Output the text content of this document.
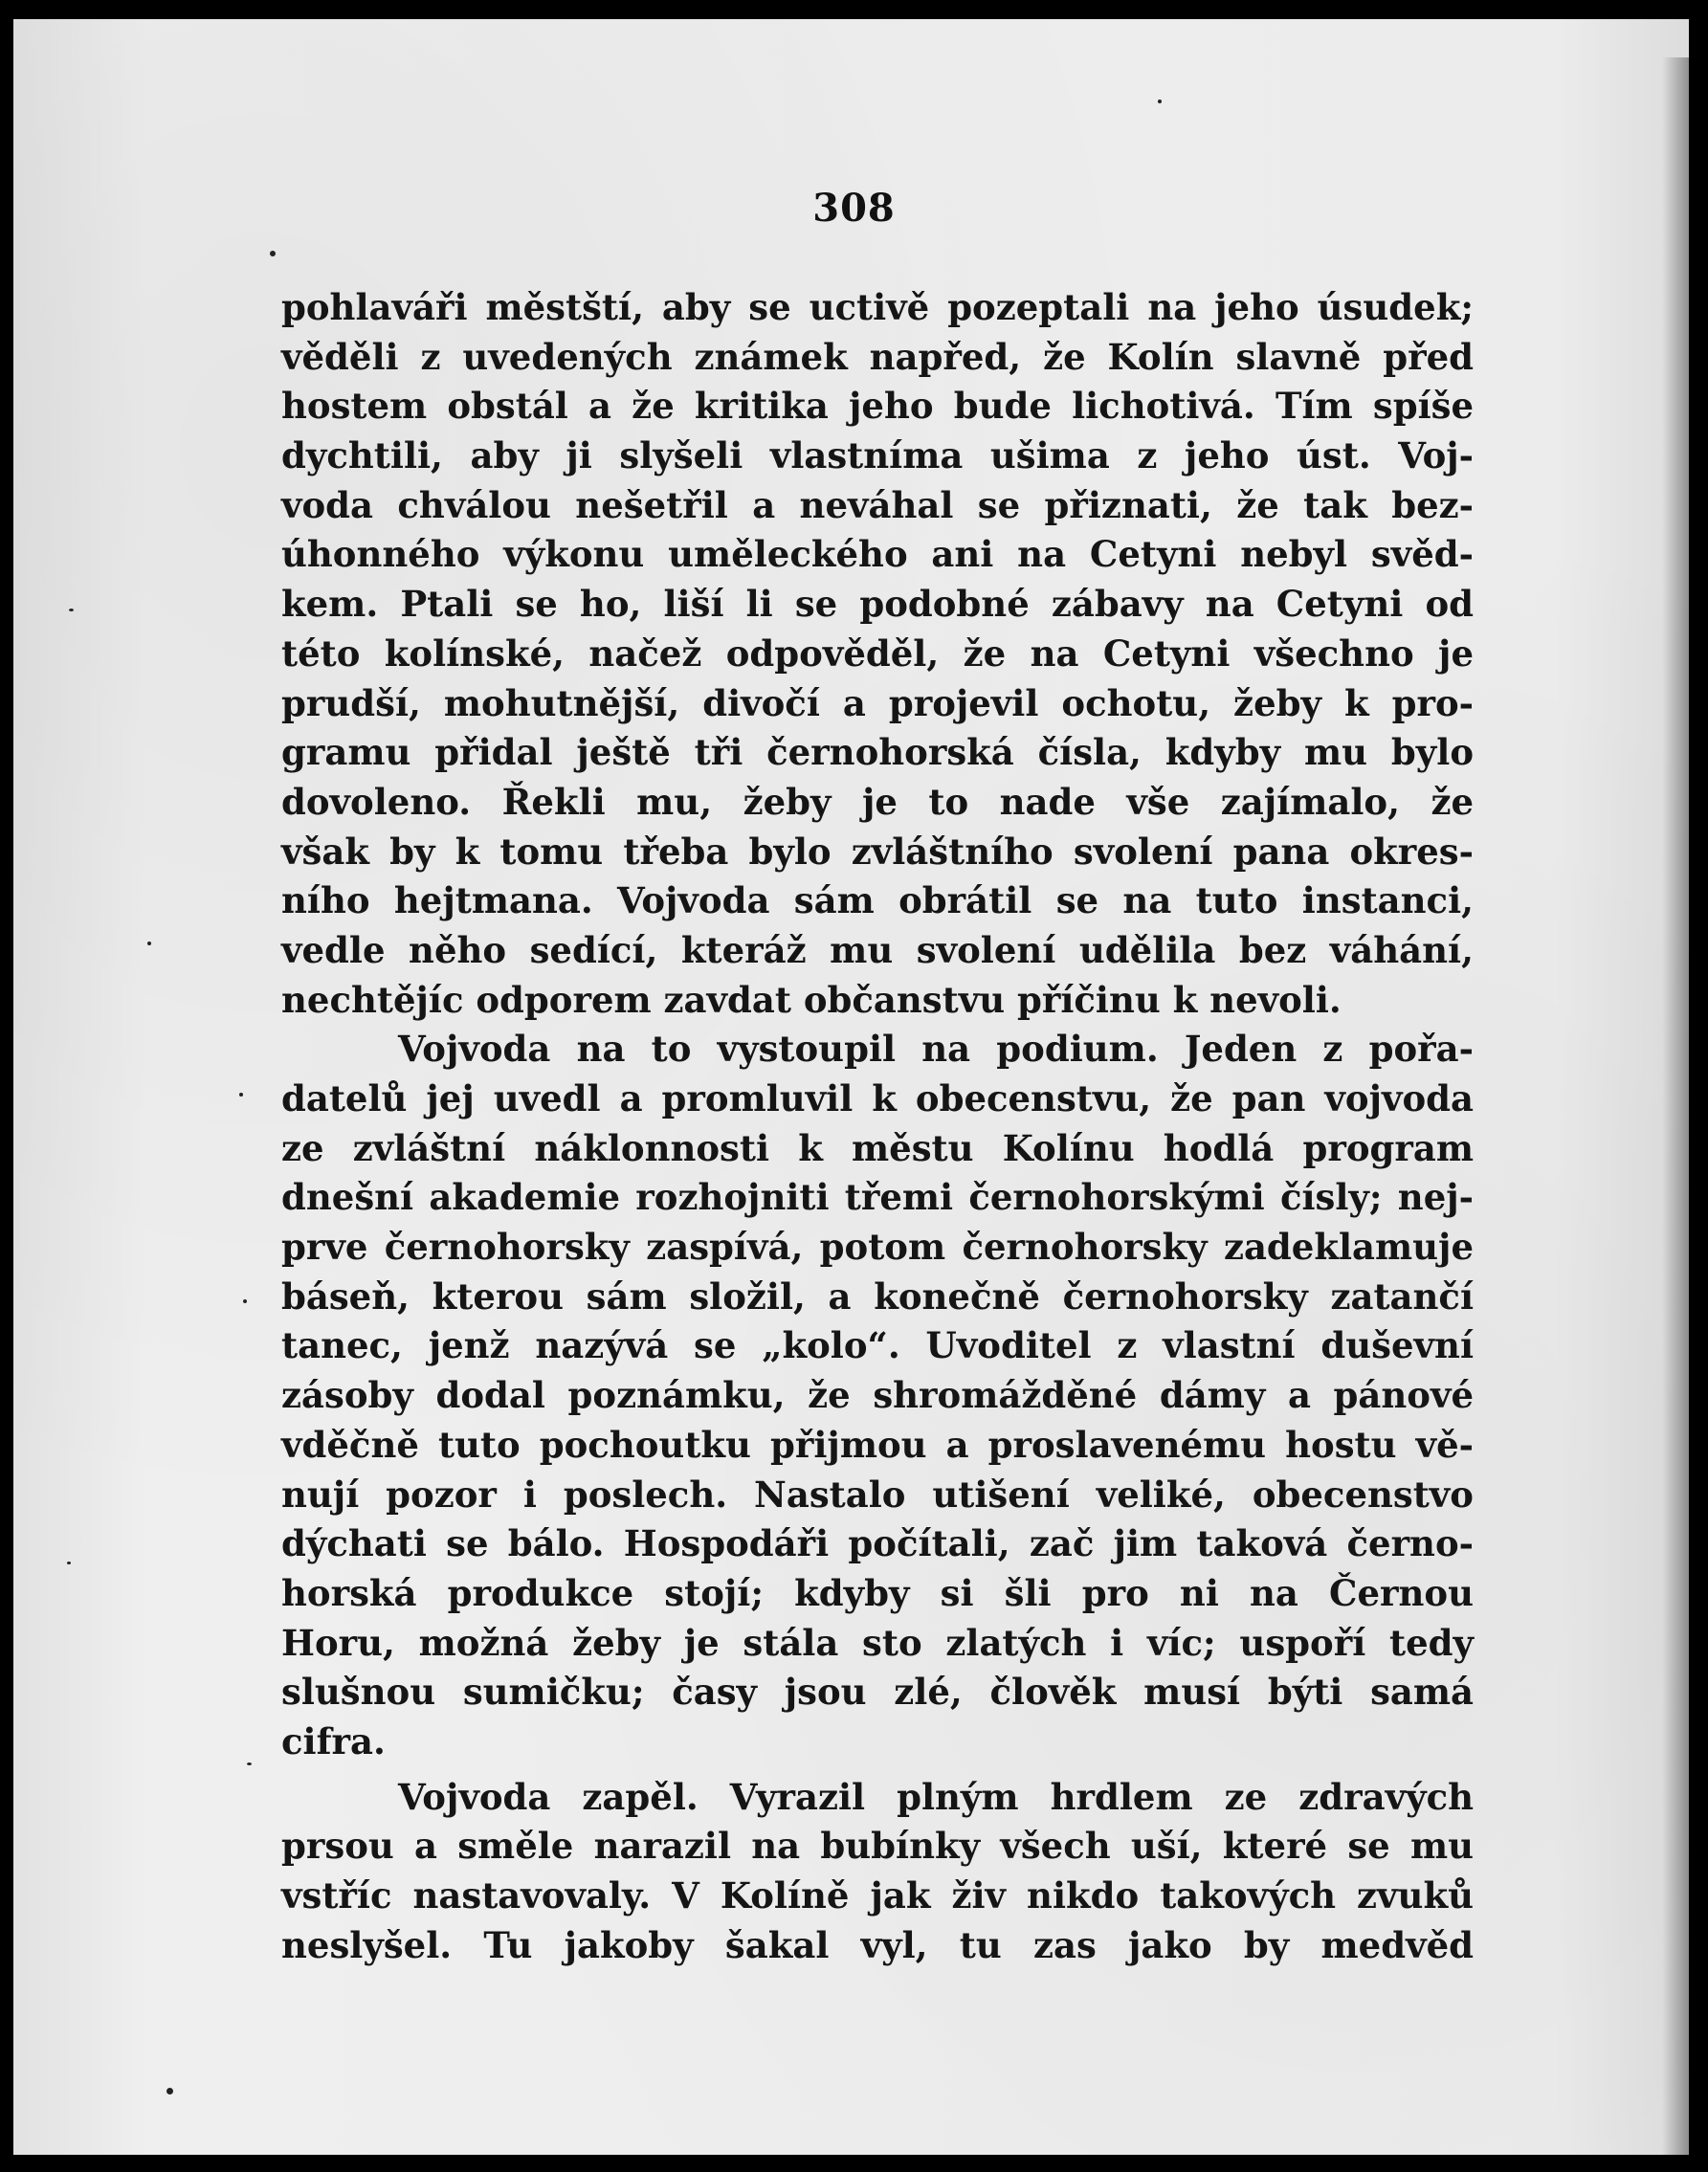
308
pohlaváři městští, aby se uctivě pozeptali na jeho úsudek;
věděli z uvedených známek napřed, že Kolín slavně před
hostem obstál a že kritika jeho bude lichotivá. Tím spíše
dychtili, aby ji slyšeli vlastníma ušima z jeho úst. Voj-
voda chválou nešetřil a neváhal se přiznati, že tak bez-
úhonného výkonu uměleckého ani na Cetyni nebyl svěd-
kem. Ptali se ho, liší li se podobné zábavy na Cetyni od
této kolínské, načež odpověděl, že na Cetyni všechno je
prudší, mohutnější, divočí a projevil ochotu, žeby k pro-
gramu přidal ještě tři černohorská čísla, kdyby mu bylo
dovoleno. Řekli mu, žeby je to nade vše zajímalo, že
však by k tomu třeba bylo zvláštního svolení pana okres-
ního hejtmana. Vojvoda sám obrátil se na tuto instanci,
vedle něho sedící, kteráž mu svolení udělila bez váhání,
nechtějíc odporem zavdat občanstvu příčinu k nevoli.
Vojvoda na to vystoupil na podium. Jeden z pořa-
datelů jej uvedl a promluvil k obecenstvu, že pan vojvoda
ze zvláštní náklonnosti k městu Kolínu hodlá program
dnešní akademie rozhojniti třemi černohorskými čísly; nej-
prve černohorsky zaspívá, potom černohorsky zadeklamuje
báseň, kterou sám složil, a konečně černohorsky zatančí
tanec, jenž nazývá se „kolo“. Uvoditel z vlastní duševní
zásoby dodal poznámku, že shromážděné dámy a pánové
vděčně tuto pochoutku přijmou a proslavenému hostu vě-
nují pozor i poslech. Nastalo utišení veliké, obecenstvo
dýchati se bálo. Hospodáři počítali, zač jim taková černo-
horská produkce stojí; kdyby si šli pro ni na Černou
Horu, možná žeby je stála sto zlatých i víc; uspoří tedy
slušnou sumičku; časy jsou zlé, člověk musí býti samá
cifra.
Vojvoda zapěl. Vyrazil plným hrdlem ze zdravých
prsou a směle narazil na bubínky všech uší, které se mu
vstříc nastavovaly. V Kolíně jak živ nikdo takových zvuků
neslyšel. Tu jakoby šakal vyl, tu zas jako by medvěd
